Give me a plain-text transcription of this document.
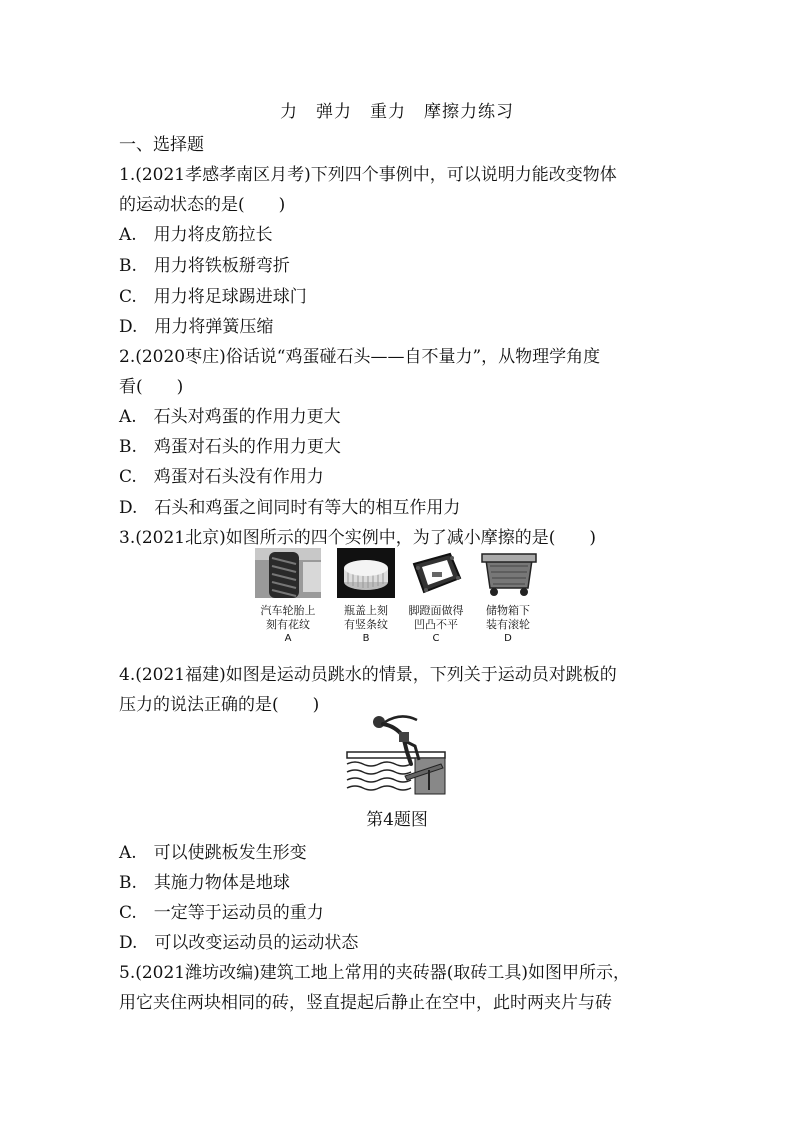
力　弹力　重力　摩擦力练习
一、选择题
1.(2021孝感孝南区月考)下列四个事例中，可以说明力能改变物体
的运动状态的是(　　)
A.　用力将皮筋拉长
B.　用力将铁板掰弯折
C.　用力将足球踢进球门
D.　用力将弹簧压缩
2.(2020枣庄)俗话说“鸡蛋碰石头——自不量力”，从物理学角度
看(　　)
A.　石头对鸡蛋的作用力更大
B.　鸡蛋对石头的作用力更大
C.　鸡蛋对石头没有作用力
D.　石头和鸡蛋之间同时有等大的相互作用力
3.(2021北京)如图所示的四个实例中，为了减小摩擦的是(　　)
汽车轮胎上
刻有花纹
A
瓶盖上刻
有竖条纹
B
脚蹬面做得
凹凸不平
C
储物箱下
装有滚轮
D
4.(2021福建)如图是运动员跳水的情景，下列关于运动员对跳板的
压力的说法正确的是(　　)
第4题图
A.　可以使跳板发生形变
B.　其施力物体是地球
C.　一定等于运动员的重力
D.　可以改变运动员的运动状态
5.(2021潍坊改编)建筑工地上常用的夹砖器(取砖工具)如图甲所示，
用它夹住两块相同的砖，竖直提起后静止在空中，此时两夹片与砖
